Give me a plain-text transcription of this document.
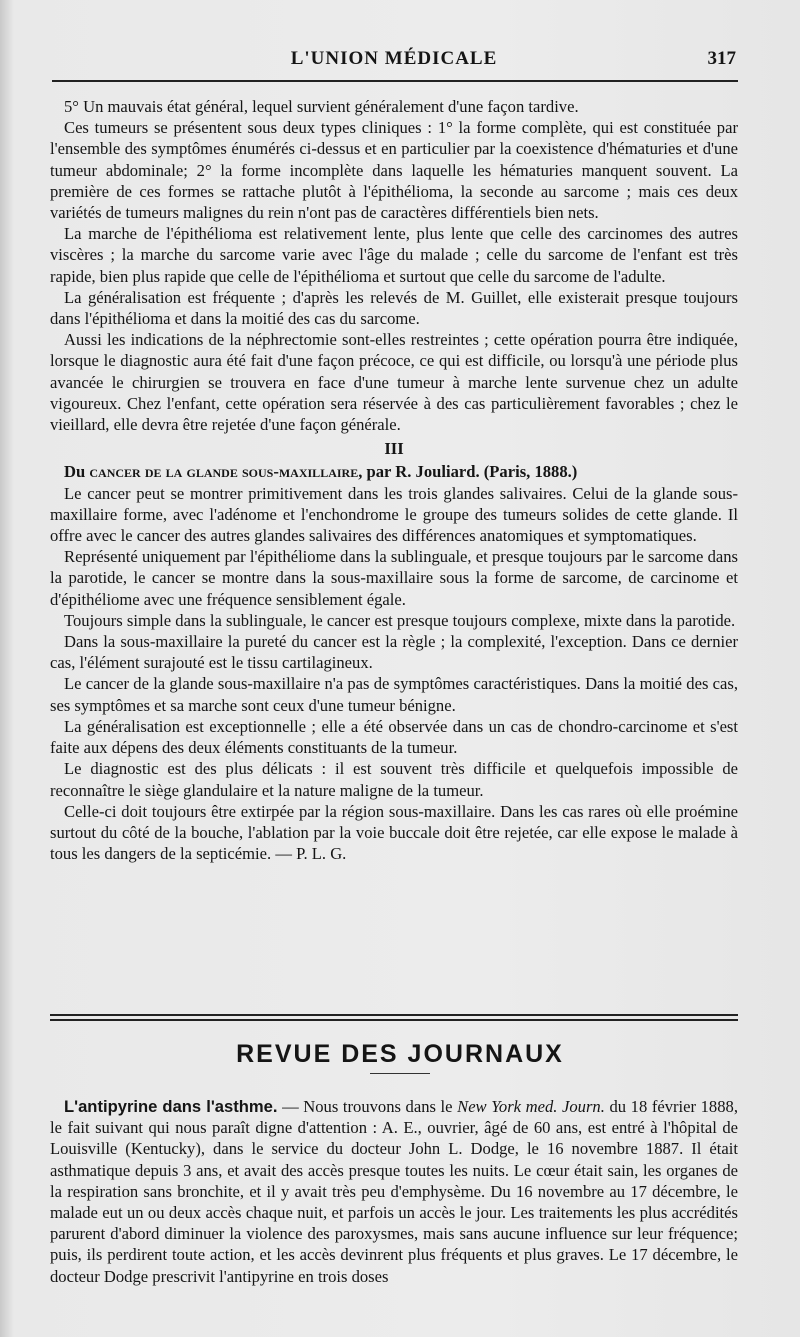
L'UNION MÉDICALE	317

5° Un mauvais état général, lequel survient généralement d'une façon tardive.

Ces tumeurs se présentent sous deux types cliniques : 1° la forme complète, qui est constituée par l'ensemble des symptômes énumérés ci-dessus et en particulier par la coexistence d'hématuries et d'une tumeur abdominale; 2° la forme incomplète dans laquelle les hématuries manquent souvent. La première de ces formes se rattache plutôt à l'épithélioma, la seconde au sarcome ; mais ces deux variétés de tumeurs malignes du rein n'ont pas de caractères différentiels bien nets.

La marche de l'épithélioma est relativement lente, plus lente que celle des carcinomes des autres viscères ; la marche du sarcome varie avec l'âge du malade ; celle du sarcome de l'enfant est très rapide, bien plus rapide que celle de l'épithélioma et surtout que celle du sarcome de l'adulte.

La généralisation est fréquente ; d'après les relevés de M. Guillet, elle existerait presque toujours dans l'épithélioma et dans la moitié des cas du sarcome.

Aussi les indications de la néphrectomie sont-elles restreintes ; cette opération pourra être indiquée, lorsque le diagnostic aura été fait d'une façon précoce, ce qui est difficile, ou lorsqu'à une période plus avancée le chirurgien se trouvera en face d'une tumeur à marche lente survenue chez un adulte vigoureux. Chez l'enfant, cette opération sera réservée à des cas particulièrement favorables ; chez le vieillard, elle devra être rejetée d'une façon générale.

III
Du cancer de la glande sous-maxillaire, par R. Jouliard. (Paris, 1888.)

Le cancer peut se montrer primitivement dans les trois glandes salivaires. Celui de la glande sous-maxillaire forme, avec l'adénome et l'enchondrome le groupe des tumeurs solides de cette glande. Il offre avec le cancer des autres glandes salivaires des différences anatomiques et symptomatiques.

Représenté uniquement par l'épithéliome dans la sublinguale, et presque toujours par le sarcome dans la parotide, le cancer se montre dans la sous-maxillaire sous la forme de sarcome, de carcinome et d'épithéliome avec une fréquence sensiblement égale.

Toujours simple dans la sublinguale, le cancer est presque toujours complexe, mixte dans la parotide.

Dans la sous-maxillaire la pureté du cancer est la règle ; la complexité, l'exception. Dans ce dernier cas, l'élément surajouté est le tissu cartilagineux.

Le cancer de la glande sous-maxillaire n'a pas de symptômes caractéristiques. Dans la moitié des cas, ses symptômes et sa marche sont ceux d'une tumeur bénigne.

La généralisation est exceptionnelle ; elle a été observée dans un cas de chondro-carcinome et s'est faite aux dépens des deux éléments constituants de la tumeur.

Le diagnostic est des plus délicats : il est souvent très difficile et quelquefois impossible de reconnaître le siège glandulaire et la nature maligne de la tumeur.

Celle-ci doit toujours être extirpée par la région sous-maxillaire. Dans les cas rares où elle proémine surtout du côté de la bouche, l'ablation par la voie buccale doit être rejetée, car elle expose le malade à tous les dangers de la septicémie. — P. L. G.

REVUE DES JOURNAUX

L'antipyrine dans l'asthme. — Nous trouvons dans le New York med. Journ. du 18 février 1888, le fait suivant qui nous paraît digne d'attention : A. E., ouvrier, âgé de 60 ans, est entré à l'hôpital de Louisville (Kentucky), dans le service du docteur John L. Dodge, le 16 novembre 1887. Il était asthmatique depuis 3 ans, et avait des accès presque toutes les nuits. Le cœur était sain, les organes de la respiration sans bronchite, et il y avait très peu d'emphysème. Du 16 novembre au 17 décembre, le malade eut un ou deux accès chaque nuit, et parfois un accès le jour. Les traitements les plus accrédités parurent d'abord diminuer la violence des paroxysmes, mais sans aucune influence sur leur fréquence; puis, ils perdirent toute action, et les accès devinrent plus fréquents et plus graves. Le 17 décembre, le docteur Dodge prescrivit l'antipyrine en trois doses
